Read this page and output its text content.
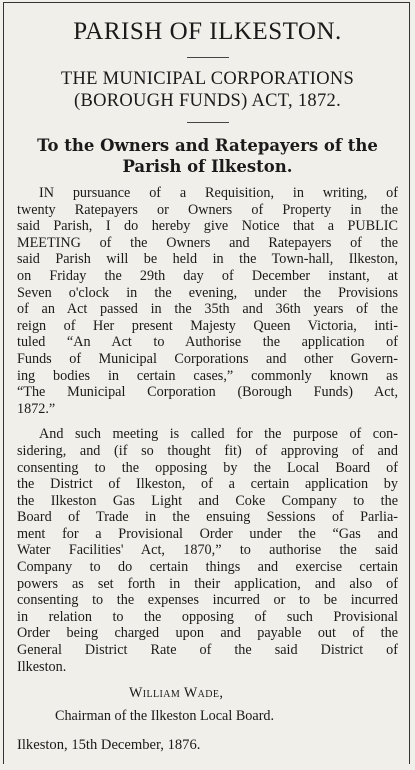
PARISH OF ILKESTON.
THE MUNICIPAL CORPORATIONS
(BOROUGH FUNDS) ACT, 1872.
To the Owners and Ratepayers of the
Parish of Ilkeston.
IN pursuance of a Requisition, in writing, of
twenty Ratepayers or Owners of Property in the
said Parish, I do hereby give Notice that a PUBLIC
MEETING of the Owners and Ratepayers of the
said Parish will be held in the Town-hall, Ilkeston,
on Friday the 29th day of December instant, at
Seven o'clock in the evening, under the Provisions
of an Act passed in the 35th and 36th years of the
reign of Her present Majesty Queen Victoria, inti-
tuled “An Act to Authorise the application of
Funds of Municipal Corporations and other Govern-
ing bodies in certain cases,” commonly known as
“The Municipal Corporation (Borough Funds) Act,
1872.”
And such meeting is called for the purpose of con-
sidering, and (if so thought fit) of approving of and
consenting to the opposing by the Local Board of
the District of Ilkeston, of a certain application by
the Ilkeston Gas Light and Coke Company to the
Board of Trade in the ensuing Sessions of Parlia-
ment for a Provisional Order under the “Gas and
Water Facilities' Act, 1870,” to authorise the said
Company to do certain things and exercise certain
powers as set forth in their application, and also of
consenting to the expenses incurred or to be incurred
in relation to the opposing of such Provisional
Order being charged upon and payable out of the
General District Rate of the said District of
Ilkeston.
William Wade,
Chairman of the Ilkeston Local Board.
Ilkeston, 15th December, 1876.
